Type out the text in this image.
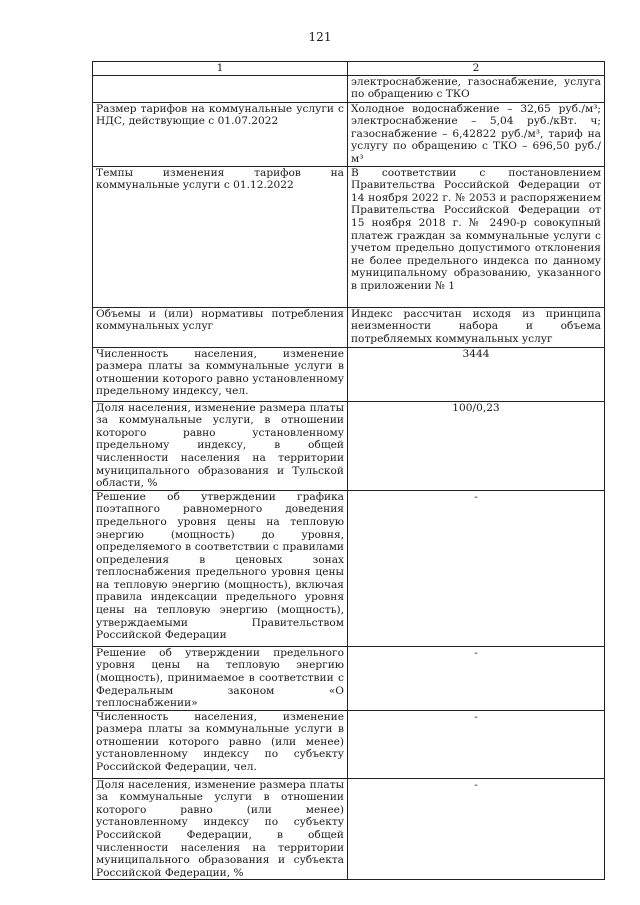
121
1	2
	электроснабжение, газоснабжение, услуга по обращению с ТКО
Размер тарифов на коммунальные услуги с НДС, действующие с 01.07.2022	Холодное водоснабжение – 32,65 руб./м³; электроснабжение – 5,04 руб./кВт. ч; газоснабжение – 6,42822 руб./м³, тариф на услугу по обращению с ТКО – 696,50 руб./м³
Темпы изменения тарифов на коммунальные услуги с 01.12.2022	В соответствии с постановлением Правительства Российской Федерации от 14 ноября 2022 г. № 2053 и распоряжением Правительства Российской Федерации от 15 ноября 2018 г. № 2490-р совокупный платеж граждан за коммунальные услуги с учетом предельно допустимого отклонения не более предельного индекса по данному муниципальному образованию, указанного в приложении № 1
Объемы и (или) нормативы потребления коммунальных услуг	Индекс рассчитан исходя из принципа неизменности набора и объема потребляемых коммунальных услуг
Численность населения, изменение размера платы за коммунальные услуги в отношении которого равно установленному предельному индексу, чел.	3444
Доля населения, изменение размера платы за коммунальные услуги, в отношении которого равно установленному предельному индексу, в общей численности населения на территории муниципального образования и Тульской области, %	100/0,23
Решение об утверждении графика поэтапного равномерного доведения предельного уровня цены на тепловую энергию (мощность) до уровня, определяемого в соответствии с правилами определения в ценовых зонах теплоснабжения предельного уровня цены на тепловую энергию (мощность), включая правила индексации предельного уровня цены на тепловую энергию (мощность), утверждаемыми Правительством Российской Федерации	-
Решение об утверждении предельного уровня цены на тепловую энергию (мощность), принимаемое в соответствии с Федеральным законом «О теплоснабжении»	-
Численность населения, изменение размера платы за коммунальные услуги в отношении которого равно (или менее) установленному индексу по субъекту Российской Федерации, чел.	-
Доля населения, изменение размера платы за коммунальные услуги в отношении которого равно (или менее) установленному индексу по субъекту Российской Федерации, в общей численности населения на территории муниципального образования и субъекта Российской Федерации, %	-
